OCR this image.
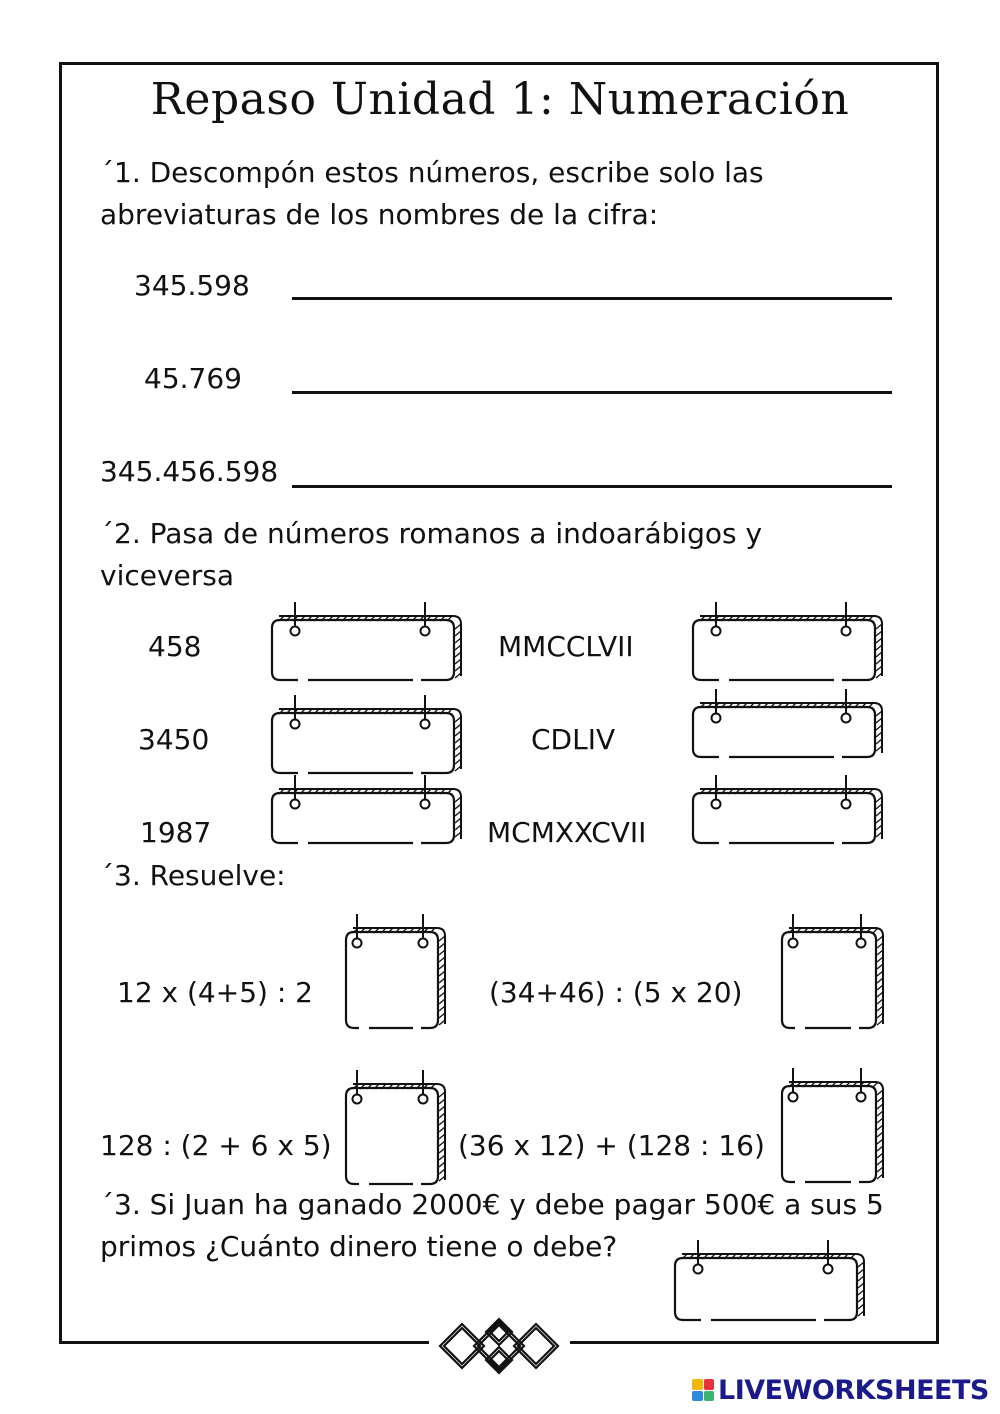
Repaso Unidad 1: Numeración
´1. Descompón estos números, escribe solo las
abreviaturas de los nombres de la cifra:
345.598
45.769
345.456.598
´2. Pasa de números romanos a indoarábigos y
viceversa
458
3450
1987
MMCCLVII
CDLIV
MCMXXCVII
´3. Resuelve:
12 x (4+5) : 2	(34+46) : (5 x 20)
128 : (2 + 6 x 5)	(36 x 12) + (128 : 16)
´3. Si Juan ha ganado 2000€ y debe pagar 500€ a sus 5
primos ¿Cuánto dinero tiene o debe?
LIVEWORKSHEETS
